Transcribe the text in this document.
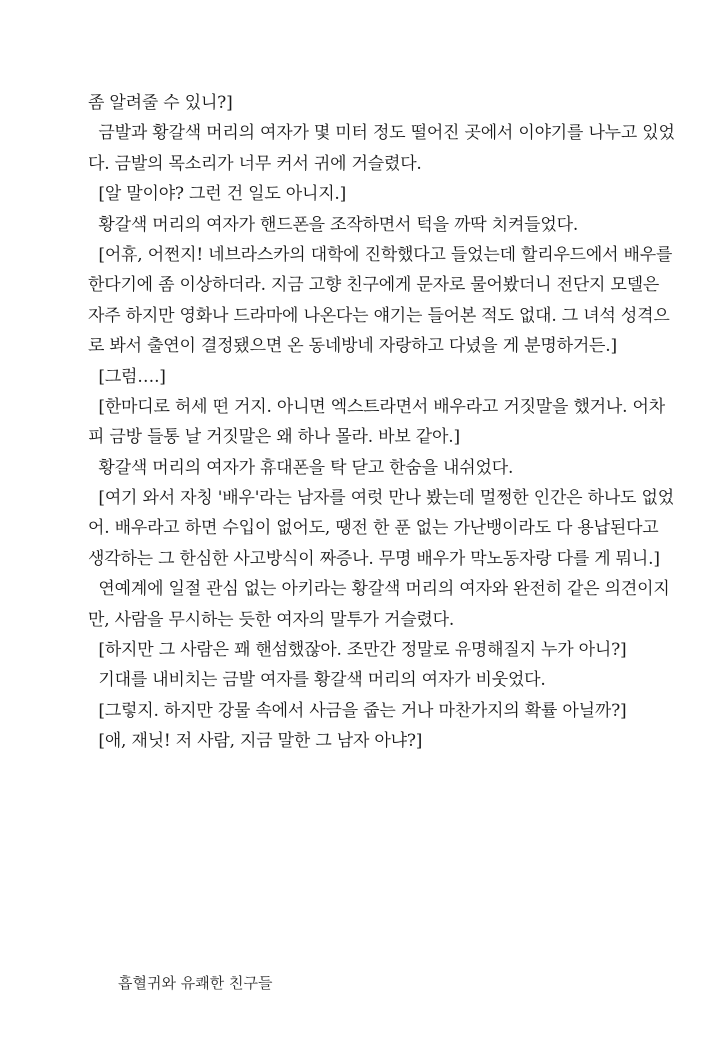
좀 알려줄 수 있니?]
금발과 황갈색 머리의 여자가 몇 미터 정도 떨어진 곳에서 이야기를 나누고 있었
다. 금발의 목소리가 너무 커서 귀에 거슬렸다.
[알 말이야? 그런 건 일도 아니지.]
황갈색 머리의 여자가 핸드폰을 조작하면서 턱을 까딱 치켜들었다.
[어휴, 어쩐지! 네브라스카의 대학에 진학했다고 들었는데 할리우드에서 배우를
한다기에 좀 이상하더라. 지금 고향 친구에게 문자로 물어봤더니 전단지 모델은
자주 하지만 영화나 드라마에 나온다는 얘기는 들어본 적도 없대. 그 녀석 성격으
로 봐서 출연이 결정됐으면 온 동네방네 자랑하고 다녔을 게 분명하거든.]
[그럼….]
[한마디로 허세 떤 거지. 아니면 엑스트라면서 배우라고 거짓말을 했거나. 어차
피 금방 들통 날 거짓말은 왜 하나 몰라. 바보 같아.]
황갈색 머리의 여자가 휴대폰을 탁 닫고 한숨을 내쉬었다.
[여기 와서 자칭 '배우'라는 남자를 여럿 만나 봤는데 멀쩡한 인간은 하나도 없었
어. 배우라고 하면 수입이 없어도, 땡전 한 푼 없는 가난뱅이라도 다 용납된다고
생각하는 그 한심한 사고방식이 짜증나. 무명 배우가 막노동자랑 다를 게 뭐니.]
연예계에 일절 관심 없는 아키라는 황갈색 머리의 여자와 완전히 같은 의견이지
만, 사람을 무시하는 듯한 여자의 말투가 거슬렸다.
[하지만 그 사람은 꽤 핸섬했잖아. 조만간 정말로 유명해질지 누가 아니?]
기대를 내비치는 금발 여자를 황갈색 머리의 여자가 비웃었다.
[그렇지. 하지만 강물 속에서 사금을 줍는 거나 마찬가지의 확률 아닐까?]
[애, 재닛! 저 사람, 지금 말한 그 남자 아냐?]
흡혈귀와 유쾌한 친구들
